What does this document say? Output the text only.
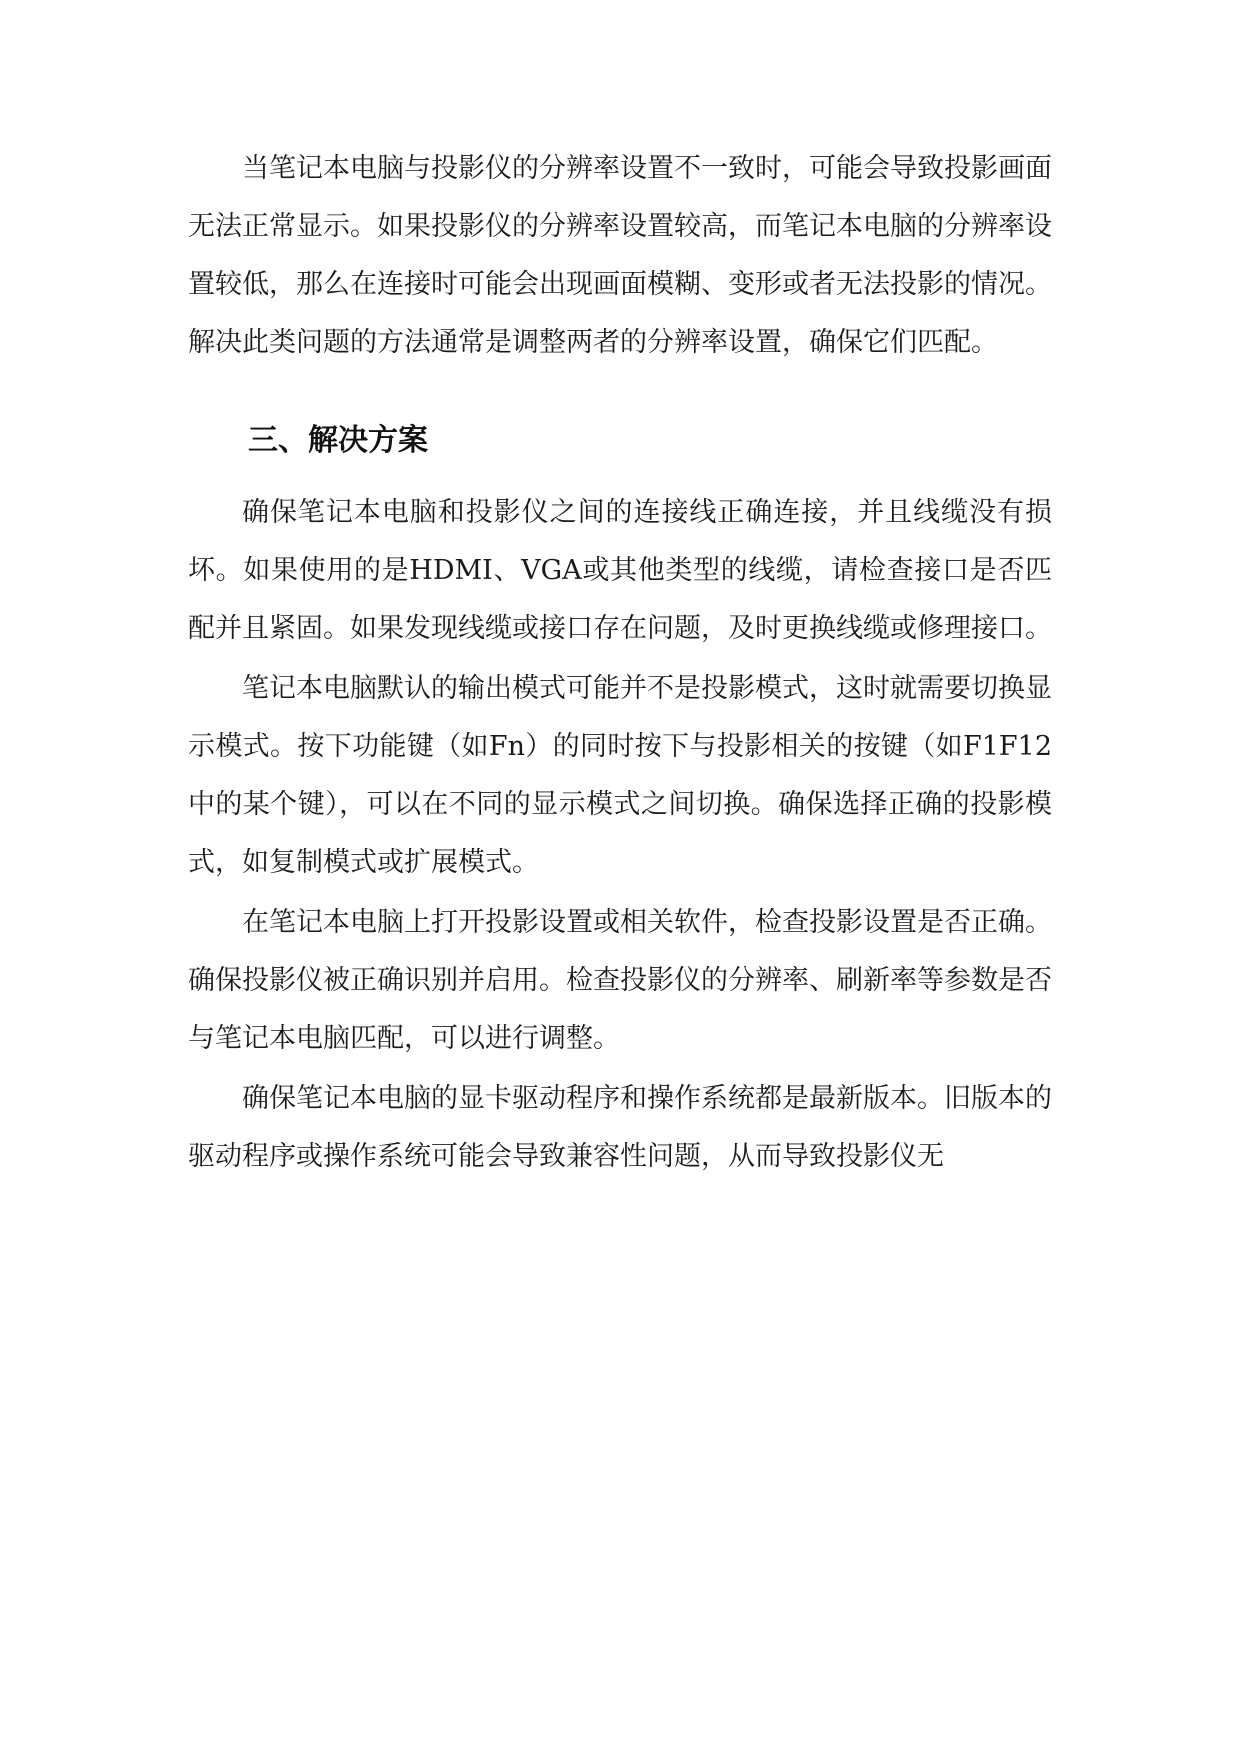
当笔记本电脑与投影仪的分辨率设置不一致时，可能会导致投影画面无法正常显示。如果投影仪的分辨率设置较高，而笔记本电脑的分辨率设置较低，那么在连接时可能会出现画面模糊、变形或者无法投影的情况。解决此类问题的方法通常是调整两者的分辨率设置，确保它们匹配。

三、解决方案

确保笔记本电脑和投影仪之间的连接线正确连接，并且线缆没有损坏。如果使用的是HDMI、VGA或其他类型的线缆，请检查接口是否匹配并且紧固。如果发现线缆或接口存在问题，及时更换线缆或修理接口。

笔记本电脑默认的输出模式可能并不是投影模式，这时就需要切换显示模式。按下功能键（如Fn）的同时按下与投影相关的按键（如F1F12中的某个键），可以在不同的显示模式之间切换。确保选择正确的投影模式，如复制模式或扩展模式。

在笔记本电脑上打开投影设置或相关软件，检查投影设置是否正确。确保投影仪被正确识别并启用。检查投影仪的分辨率、刷新率等参数是否与笔记本电脑匹配，可以进行调整。

确保笔记本电脑的显卡驱动程序和操作系统都是最新版本。旧版本的驱动程序或操作系统可能会导致兼容性问题，从而导致投影仪无
